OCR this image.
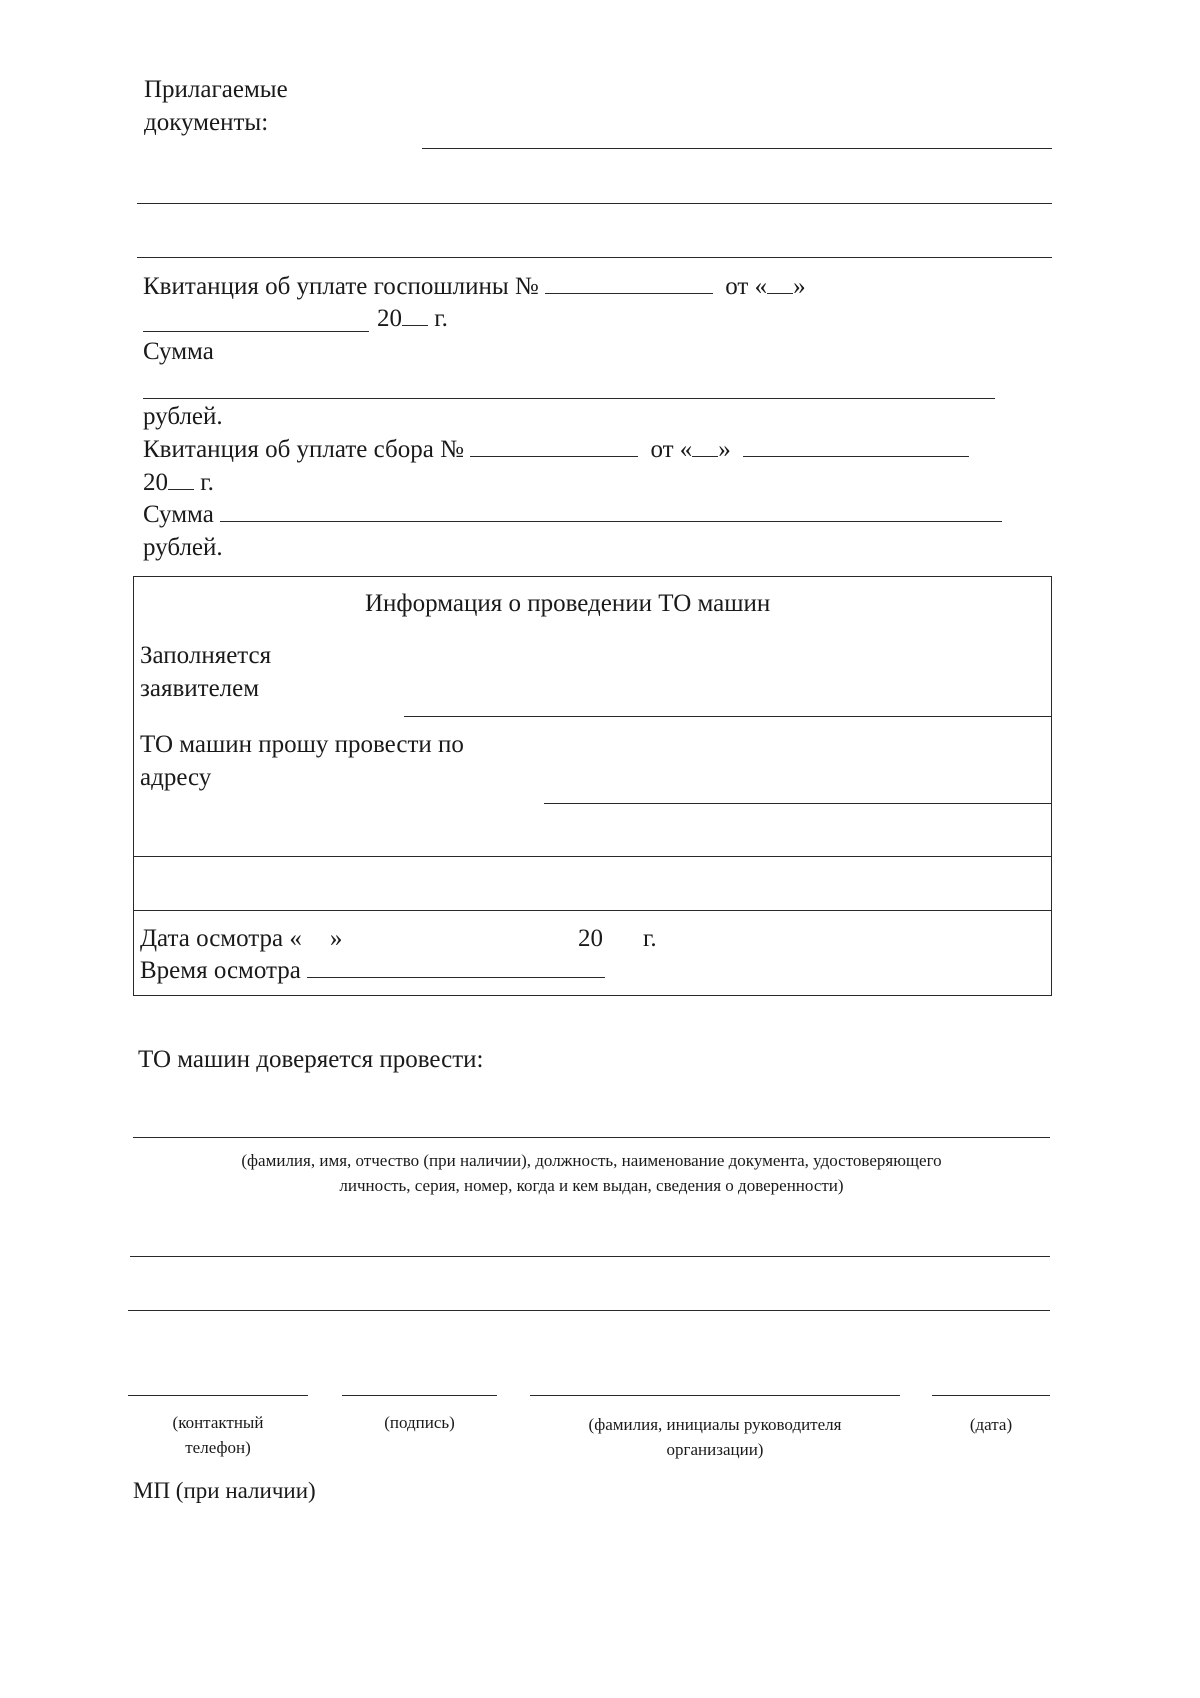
Прилагаемые
документы:
Квитанция об уплате госпошлины №	от « »
20 г.
Сумма
рублей.
Квитанция об уплате сбора №	от « »
20 г.
Сумма
рублей.
Информация о проведении ТО машин
Заполняется
заявителем
ТО машин прошу провести по
адресу
Дата осмотра « »	20 г.
Время осмотра
ТО машин доверяется провести:
(фамилия, имя, отчество (при наличии), должность, наименование документа, удостоверяющего
личность, серия, номер, когда и кем выдан, сведения о доверенности)
(контактный
телефон)
(подпись)	(фамилия, инициалы руководителя
организации)
(дата)
МП (при наличии)
